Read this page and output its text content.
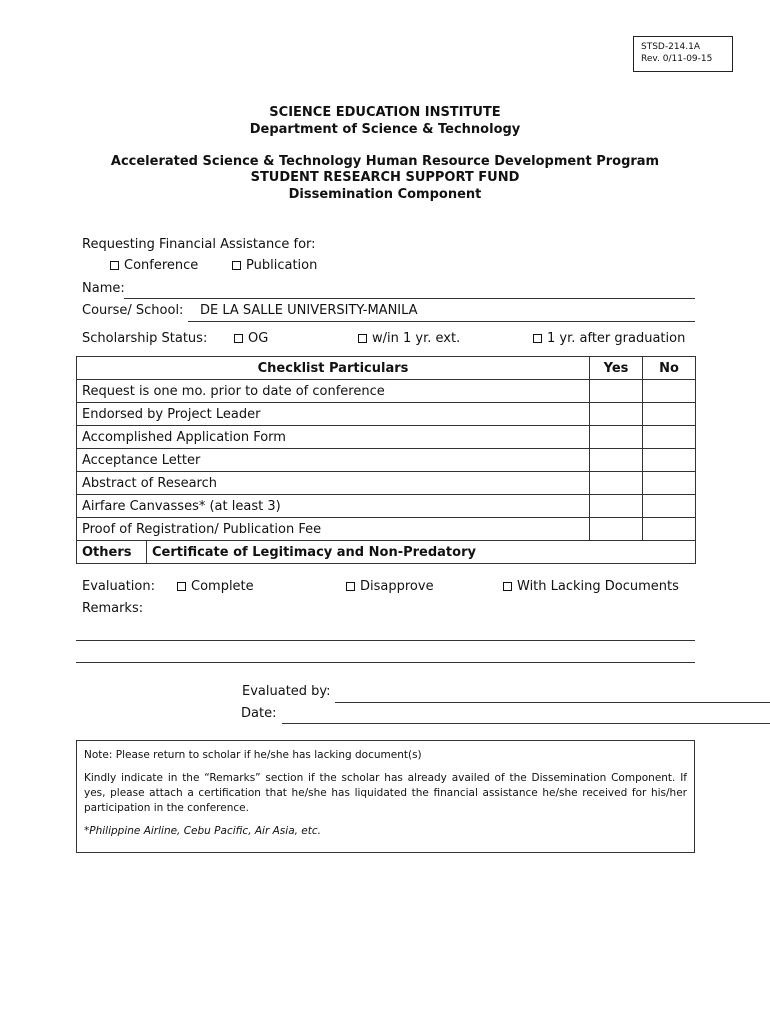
STSD-214.1A
Rev. 0/11-09-15
SCIENCE EDUCATION INSTITUTE
Department of Science & Technology
Accelerated Science & Technology Human Resource Development Program
STUDENT RESEARCH SUPPORT FUND
Dissemination Component
Requesting Financial Assistance for:
Conference	Publication
Name:
Course/ School: DE LA SALLE UNIVERSITY-MANILA
Scholarship Status:	OG	w/in 1 yr. ext.	1 yr. after graduation
Checklist Particulars		Yes	No
Request is one mo. prior to date of conference			
Endorsed by Project Leader			
Accomplished Application Form			
Acceptance Letter			
Abstract of Research			
Airfare Canvasses* (at least 3)			
Proof of Registration/ Publication Fee			
Others	Certificate of Legitimacy and Non-Predatory		
Evaluation:	Complete	Disapprove	With Lacking Documents
Remarks:
Evaluated by:
Date:

Note: Please return to scholar if he/she has lacking document(s)

Kindly indicate in the “Remarks” section if the scholar has already availed of the Dissemination Component. If yes, please attach a certification that he/she has liquidated the financial assistance he/she received for his/her participation in the conference.

*Philippine Airline, Cebu Pacific, Air Asia, etc.
